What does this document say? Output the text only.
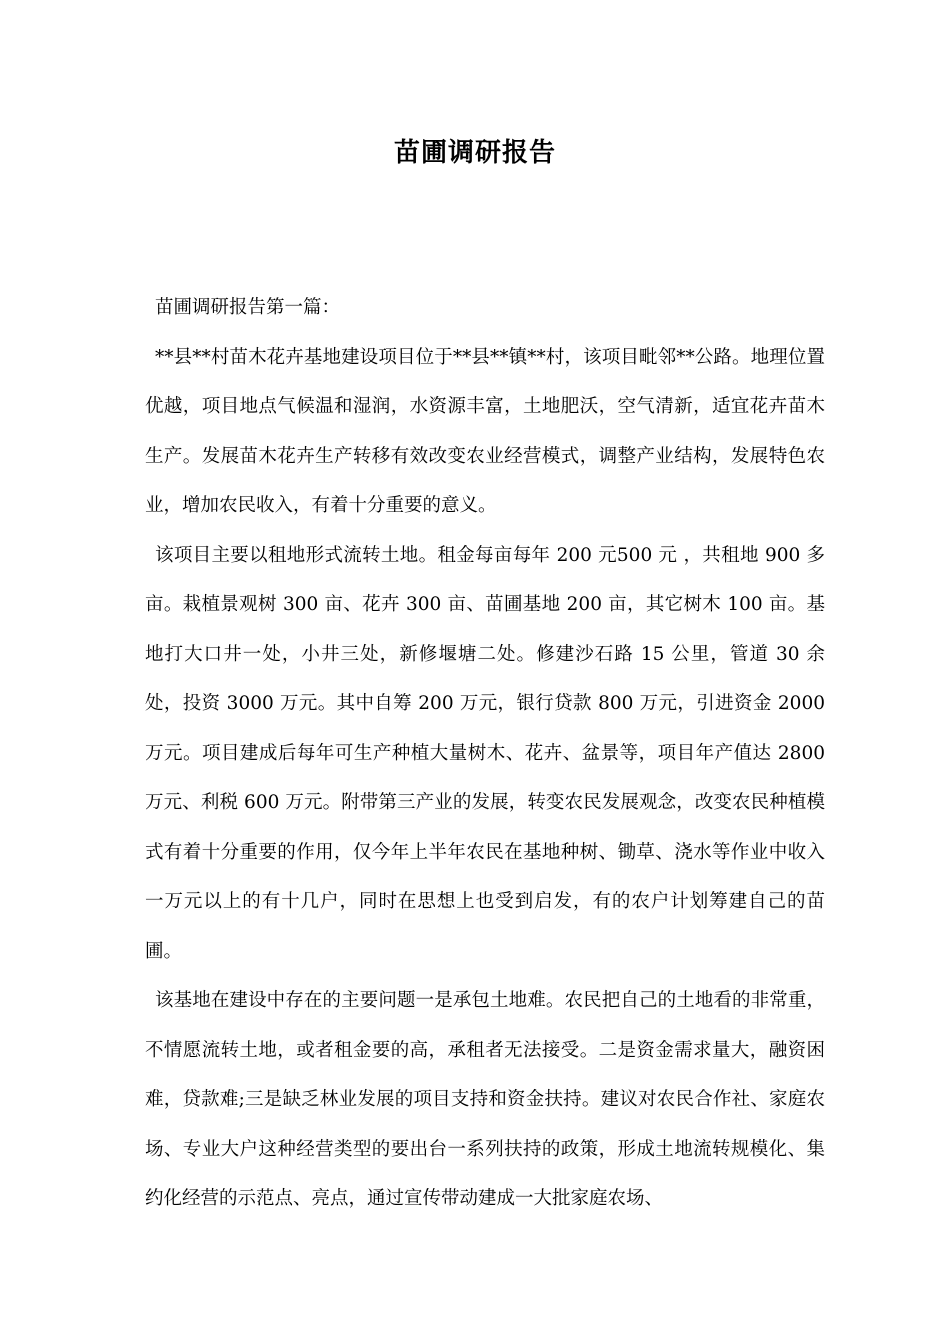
苗圃调研报告

苗圃调研报告第一篇：

**县**村苗木花卉基地建设项目位于**县**镇**村，该项目毗邻**公路。地理位置优越，项目地点气候温和湿润，水资源丰富，土地肥沃，空气清新，适宜花卉苗木生产。发展苗木花卉生产转移有效改变农业经营模式，调整产业结构，发展特色农业，增加农民收入，有着十分重要的意义。

该项目主要以租地形式流转土地。租金每亩每年 200 元500 元 ，共租地 900 多亩。栽植景观树 300 亩、花卉 300 亩、苗圃基地 200 亩，其它树木 100 亩。基地打大口井一处，小井三处，新修堰塘二处。修建沙石路 15 公里，管道 30 余处，投资 3000 万元。其中自筹 200 万元，银行贷款 800 万元，引进资金 2000 万元。项目建成后每年可生产种植大量树木、花卉、盆景等，项目年产值达 2800 万元、利税 600 万元。附带第三产业的发展，转变农民发展观念，改变农民种植模式有着十分重要的作用，仅今年上半年农民在基地种树、锄草、浇水等作业中收入一万元以上的有十几户，同时在思想上也受到启发，有的农户计划筹建自己的苗圃。

该基地在建设中存在的主要问题一是承包土地难。农民把自己的土地看的非常重，不情愿流转土地，或者租金要的高，承租者无法接受。二是资金需求量大，融资困难，贷款难;三是缺乏林业发展的项目支持和资金扶持。建议对农民合作社、家庭农场、专业大户这种经营类型的要出台一系列扶持的政策，形成土地流转规模化、集约化经营的示范点、亮点，通过宣传带动建成一大批家庭农场、
